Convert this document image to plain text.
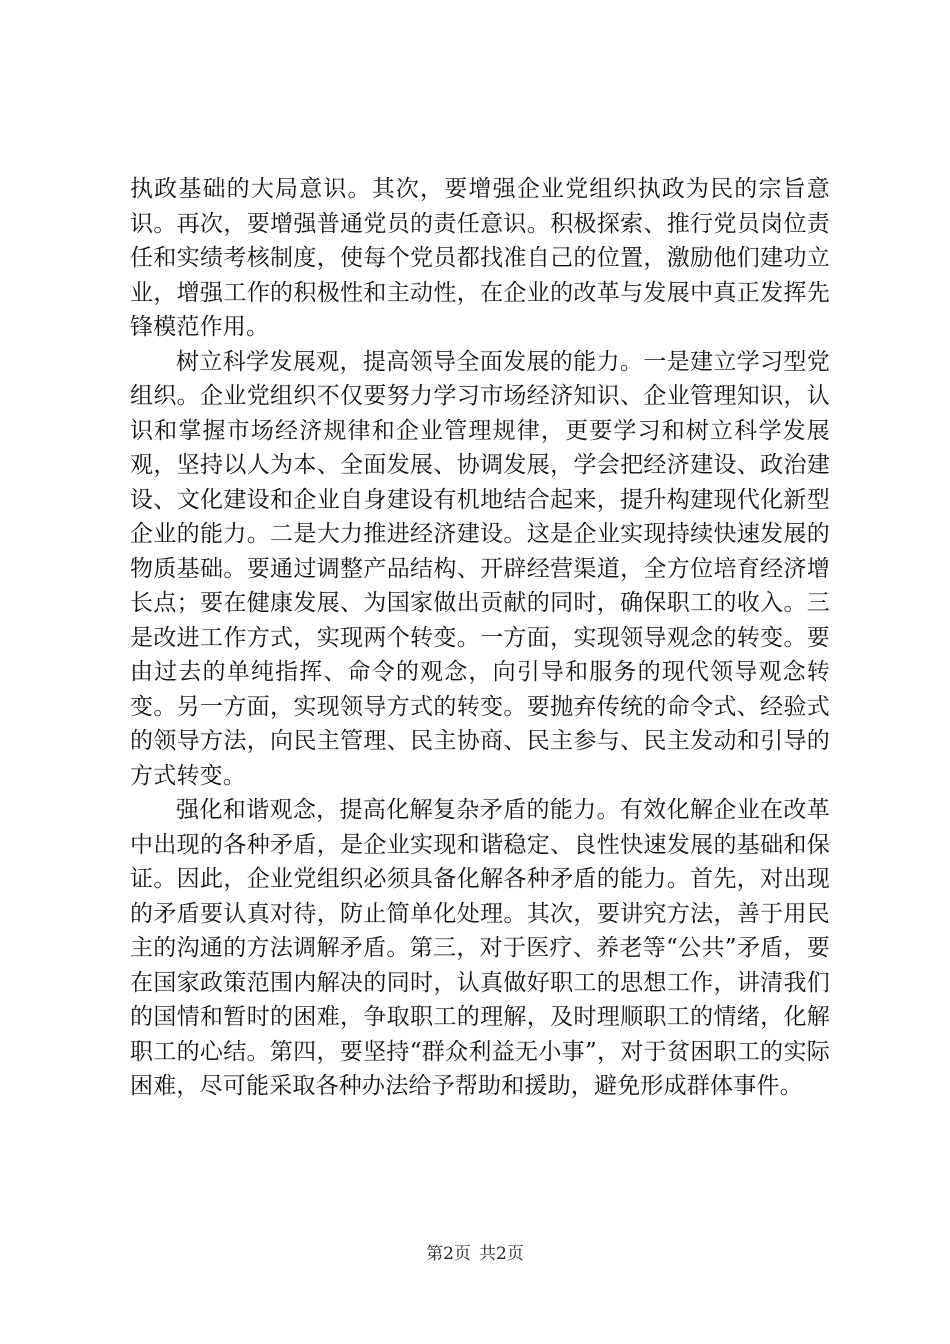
执政基础的大局意识。其次，要增强企业党组织执政为民的宗旨意识。再次，要增强普通党员的责任意识。积极探索、推行党员岗位责任和实绩考核制度，使每个党员都找准自己的位置，激励他们建功立业，增强工作的积极性和主动性，在企业的改革与发展中真正发挥先锋模范作用。

树立科学发展观，提高领导全面发展的能力。一是建立学习型党组织。企业党组织不仅要努力学习市场经济知识、企业管理知识，认识和掌握市场经济规律和企业管理规律，更要学习和树立科学发展观，坚持以人为本、全面发展、协调发展，学会把经济建设、政治建设、文化建设和企业自身建设有机地结合起来，提升构建现代化新型企业的能力。二是大力推进经济建设。这是企业实现持续快速发展的物质基础。要通过调整产品结构、开辟经营渠道，全方位培育经济增长点；要在健康发展、为国家做出贡献的同时，确保职工的收入。三是改进工作方式，实现两个转变。一方面，实现领导观念的转变。要由过去的单纯指挥、命令的观念，向引导和服务的现代领导观念转变。另一方面，实现领导方式的转变。要抛弃传统的命令式、经验式的领导方法，向民主管理、民主协商、民主参与、民主发动和引导的方式转变。

强化和谐观念，提高化解复杂矛盾的能力。有效化解企业在改革中出现的各种矛盾，是企业实现和谐稳定、良性快速发展的基础和保证。因此，企业党组织必须具备化解各种矛盾的能力。首先，对出现的矛盾要认真对待，防止简单化处理。其次，要讲究方法，善于用民主的沟通的方法调解矛盾。第三，对于医疗、养老等“公共”矛盾，要在国家政策范围内解决的同时，认真做好职工的思想工作，讲清我们的国情和暂时的困难，争取职工的理解，及时理顺职工的情绪，化解职工的心结。第四，要坚持“群众利益无小事”，对于贫困职工的实际困难，尽可能采取各种办法给予帮助和援助，避免形成群体事件。

第2页 共2页
